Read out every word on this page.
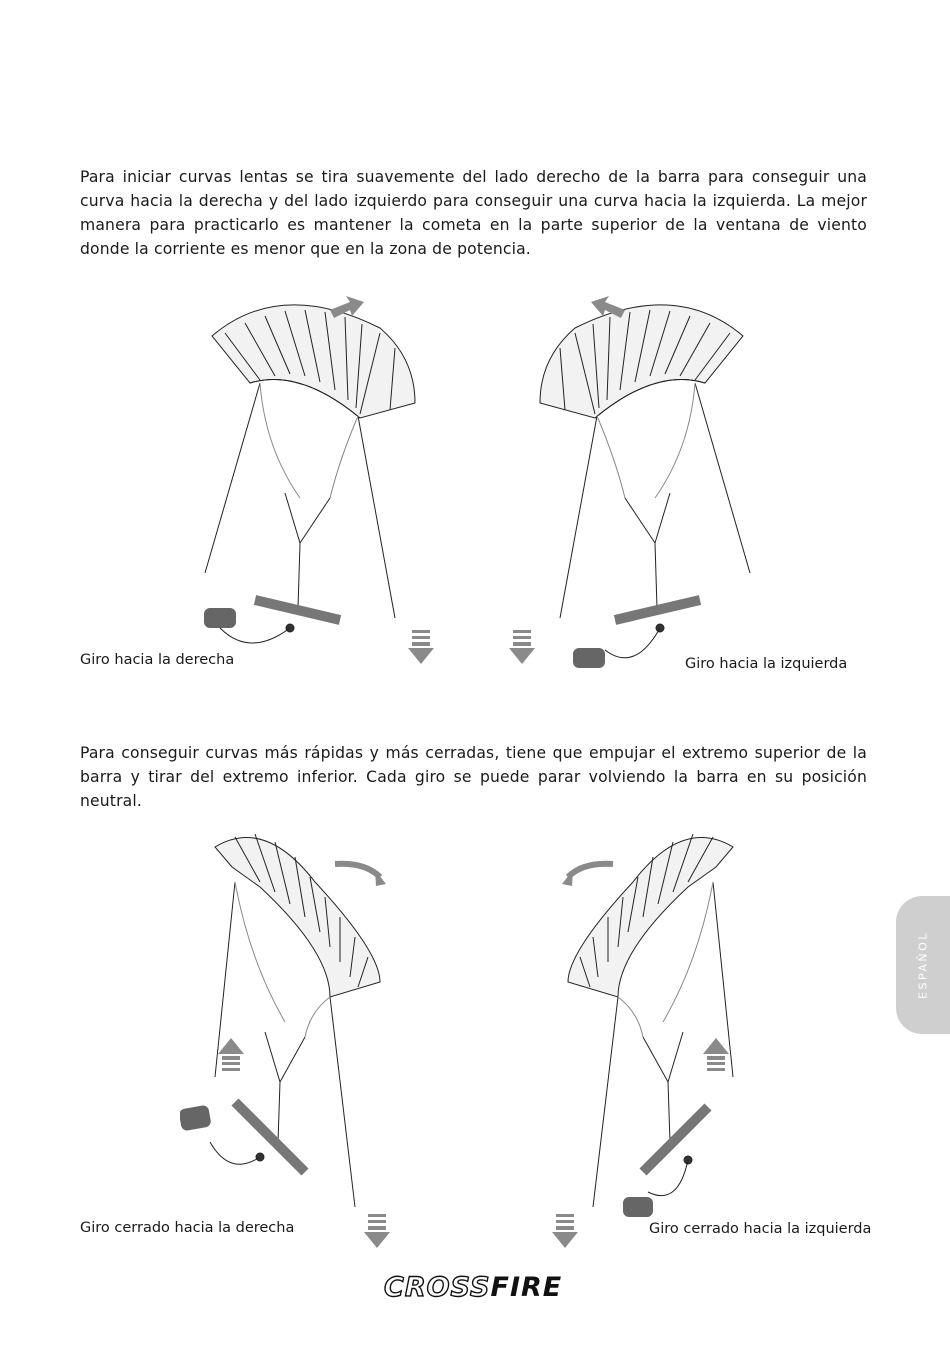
Para iniciar curvas lentas se tira suavemente del lado derecho de la barra para conseguir una curva hacia la derecha y del lado izquierdo para conseguir una curva hacia la izquierda. La mejor manera para practicarlo es mantener la cometa en la parte superior de la ventana de viento donde la corriente es menor que en la zona de potencia.

Giro hacia la derecha	Giro hacia la izquierda

Para conseguir curvas más rápidas y más cerradas, tiene que empujar el extremo superior de la barra y tirar del extremo inferior. Cada giro se puede parar volviendo la barra en su posición neutral.

Giro cerrado hacia la derecha	Giro cerrado hacia la izquierda
ESPAÑOL
CROSSFIRE
